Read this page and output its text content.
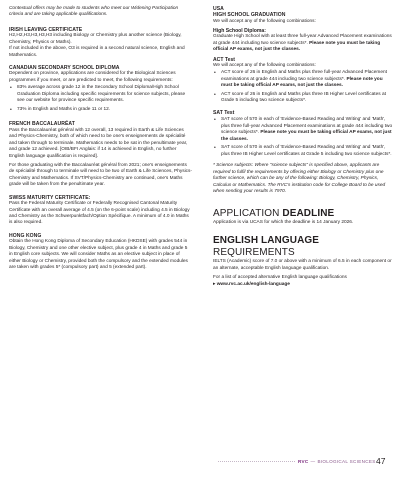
Contextual offers may be made to students who meet our Widening Participation criteria and are taking applicable qualifications.

IRISH LEAVING CERTIFICATE

H2,H2,H3,H3,H3,H3 including Biology or Chemistry plus another science (Biology, Chemistry, Physics or Maths).

If not included in the above, O3 is required in a second natural science, English and Mathematics.

CANADIAN SECONDARY SCHOOL DIPLOMA

Dependent on province, applications are considered for the Biological Sciences programmes if you meet, or are predicted to meet, the following requirements:

• 83% average across grade 12 in the Secondary School Diploma/High School Graduation Diploma including specific requirements for science subjects, please see our website for province specific requirements.
• 73% in English and Maths in grade 11 or 12.
FRENCH BACCALAURÉAT

Pass the Baccalauréat général with 12 overall, 13 required in Earth & Life Sciences and Physics-Chemistry, both of which need to be one's enseignements de spécialité and taken through to terminale. Mathematics needs to be sat in the penultimate year, and grade 12 achieved. [OIB/BFI Anglais: if 14 is achieved in English, no further English language qualification is required].

For those graduating with the Baccalauréat général from 2021; one's enseignements de spécialité through to terminale will need to be two of Earth & Life Sciences, Physics-Chemistry and Mathematics. If SVT/Physics-Chemistry are continued, one's Maths grade will be taken from the penultimate year.

SWISS MATURITY CERTIFICATE:

Pass the Federal Maturity Certificate or Federally Recognised Cantonal Maturity Certificate with an overall average of 4.5 (on the 6-point scale) including 4.5 in Biology and Chemistry as the Schwerpunktfach/Option Spécifique. A minimum of 4.0 in Maths is also required.

HONG KONG

Obtain the Hong Kong Diploma of Secondary Education (HKDSE) with grades 544 in Biology, Chemistry and one other elective subject, plus grade 4 in Maths and grade 5 in English core subjects. We will consider Maths as an elective subject in place of either Biology or Chemistry, provided both the compulsory and the extended modules are taken with grades 5* (compulsory part) and 5 (extended part).

USA
HIGH SCHOOL GRADUATION

We will accept any of the following combinations:

High School Diploma:

Graduate High School with at least three full-year Advanced Placement examinations at grade 444 including two science subjects*. Please note you must be taking official AP exams, not just the classes.

ACT Test

We will accept any of the following combinations:

• ACT score of 26 in English and Maths plus three full-year Advanced Placement examinations at grade 444 including two science subjects*. Please note you must be taking official AP exams, not just the classes.
• ACT score of 26 in English and Maths plus three IB Higher Level certificates at Grade 5 including two science subjects*.
SAT Test
• SAT score of 570 in each of 'Evidence-Based Reading and Writing' and 'Math', plus three full-year Advanced Placement examinations at grade 444 including two science subjects*. Please note you must be taking official AP exams, not just the classes.
• SAT score of 570 in each of 'Evidence-Based Reading and Writing' and 'Math', plus three IB Higher Level certificates at Grade 5 including two science subjects*.

* Science subjects: Where "science subjects" is specified above, applicants are required to fulfil the requirements by offering either Biology or Chemistry plus one further science, which can be any of the following: Biology, Chemistry, Physics, Calculus or Mathematics. The RVC's institution code for College Board to be used when sending your results is 7970.

APPLICATION DEADLINE

Application is via UCAS for which the deadline is 14 January 2026.

ENGLISH LANGUAGE REQUIREMENTS

IELTS (Academic) score of 7.0 or above with a minimum of 6.5 in each component or an alternate, acceptable English language qualification.

For a list of accepted alternative English language qualifications

▸ www.rvc.ac.uk/english-language

RVC — BIOLOGICAL SCIENCES 47
